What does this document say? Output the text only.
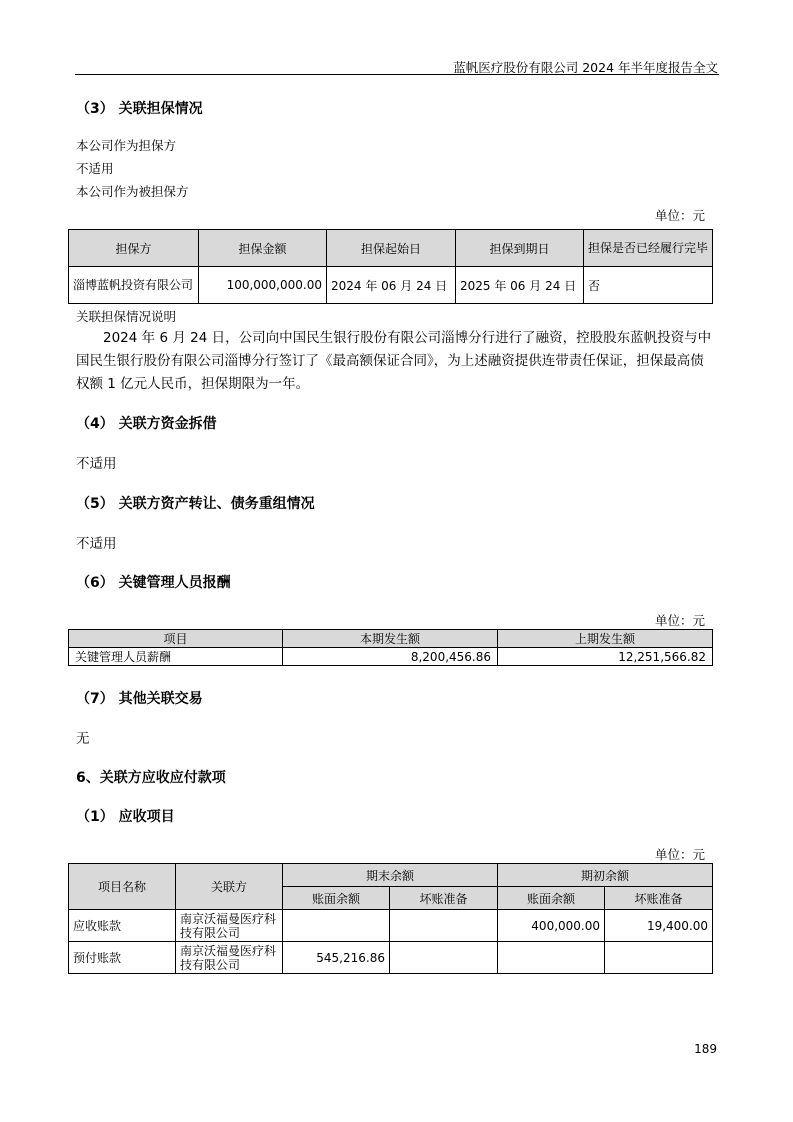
蓝帆医疗股份有限公司 2024 年半年度报告全文
（3） 关联担保情况
本公司作为担保方
不适用
本公司作为被担保方
单位：元
担保方	担保金额	担保起始日	担保到期日	担保是否已经履行完毕
淄博蓝帆投资有限公司	100,000,000.00	2024 年 06 月 24 日	2025 年 06 月 24 日	否
关联担保情况说明
2024 年 6 月 24 日，公司向中国民生银行股份有限公司淄博分行进行了融资，控股股东蓝帆投资与中国民生银行股份有限公司淄博分行签订了《最高额保证合同》，为上述融资提供连带责任保证，担保最高债权额 1 亿元人民币，担保期限为一年。
（4） 关联方资金拆借
不适用
（5） 关联方资产转让、债务重组情况
不适用
（6） 关键管理人员报酬
单位：元
项目	本期发生额	上期发生额
关键管理人员薪酬	8,200,456.86	12,251,566.82
（7） 其他关联交易
无
6、关联方应收应付款项
（1） 应收项目
单位：元
项目名称	关联方	期末余额		期初余额	
		账面余额	坏账准备	账面余额	坏账准备
应收账款	南京沃福曼医疗科技有限公司			400,000.00	19,400.00
预付账款	南京沃福曼医疗科技有限公司	545,216.86			
189
